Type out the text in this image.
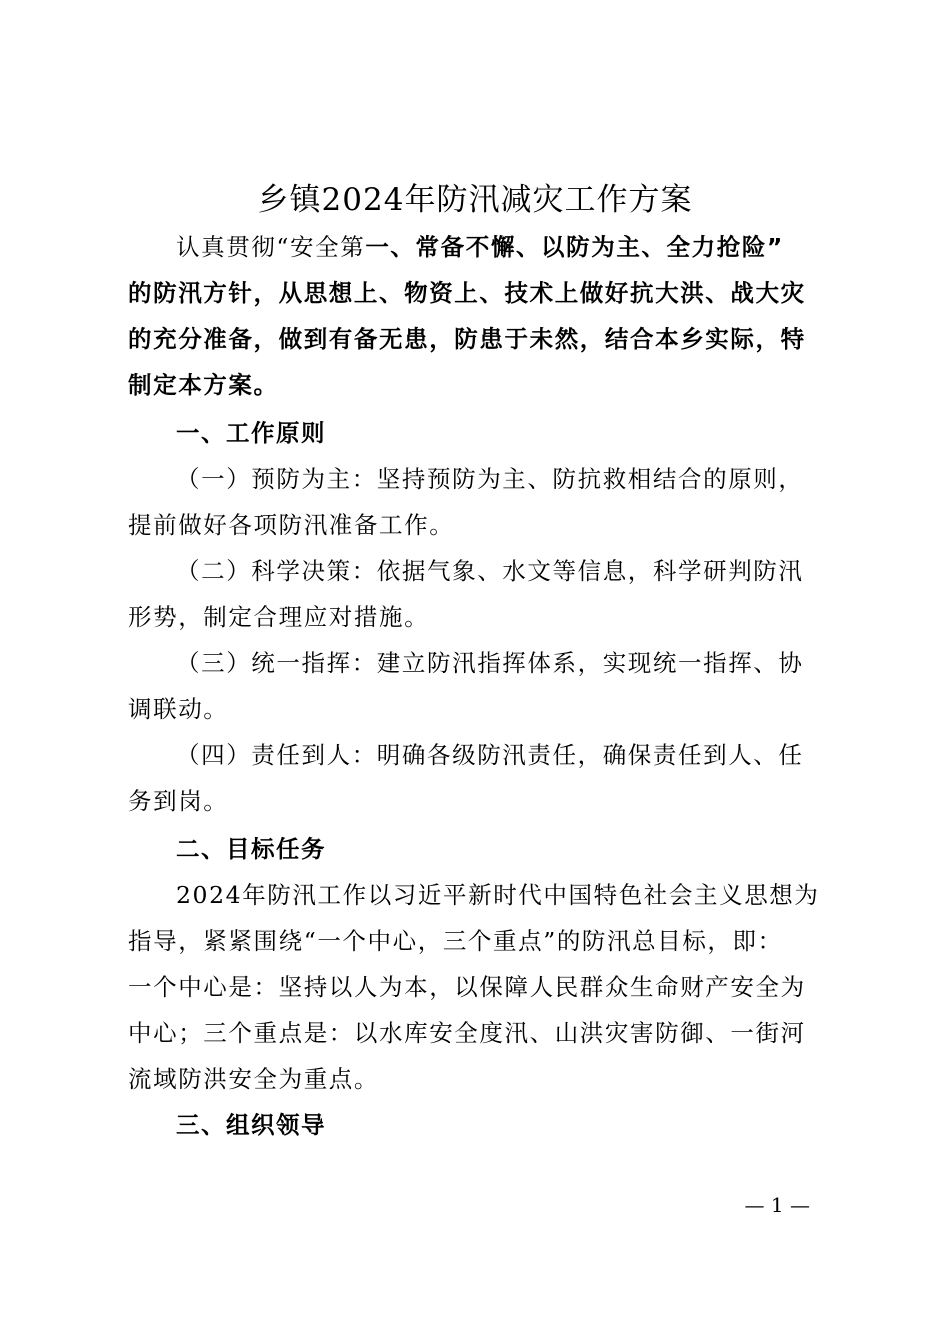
乡镇2024年防汛减灾工作方案
认真贯彻“安全第一、常备不懈、以防为主、全力抢险”
的防汛方针，从思想上、物资上、技术上做好抗大洪、战大灾
的充分准备，做到有备无患，防患于未然，结合本乡实际，特
制定本方案。
一、工作原则
（一）预防为主：坚持预防为主、防抗救相结合的原则，
提前做好各项防汛准备工作。
（二）科学决策：依据气象、水文等信息，科学研判防汛
形势，制定合理应对措施。
（三）统一指挥：建立防汛指挥体系，实现统一指挥、协
调联动。
（四）责任到人：明确各级防汛责任，确保责任到人、任
务到岗。
二、目标任务
2024年防汛工作以习近平新时代中国特色社会主义思想为
指导，紧紧围绕“一个中心，三个重点”的防汛总目标，即：
一个中心是：坚持以人为本，以保障人民群众生命财产安全为
中心；三个重点是：以水库安全度汛、山洪灾害防御、一街河
流域防洪安全为重点。
三、组织领导
— 1 —
